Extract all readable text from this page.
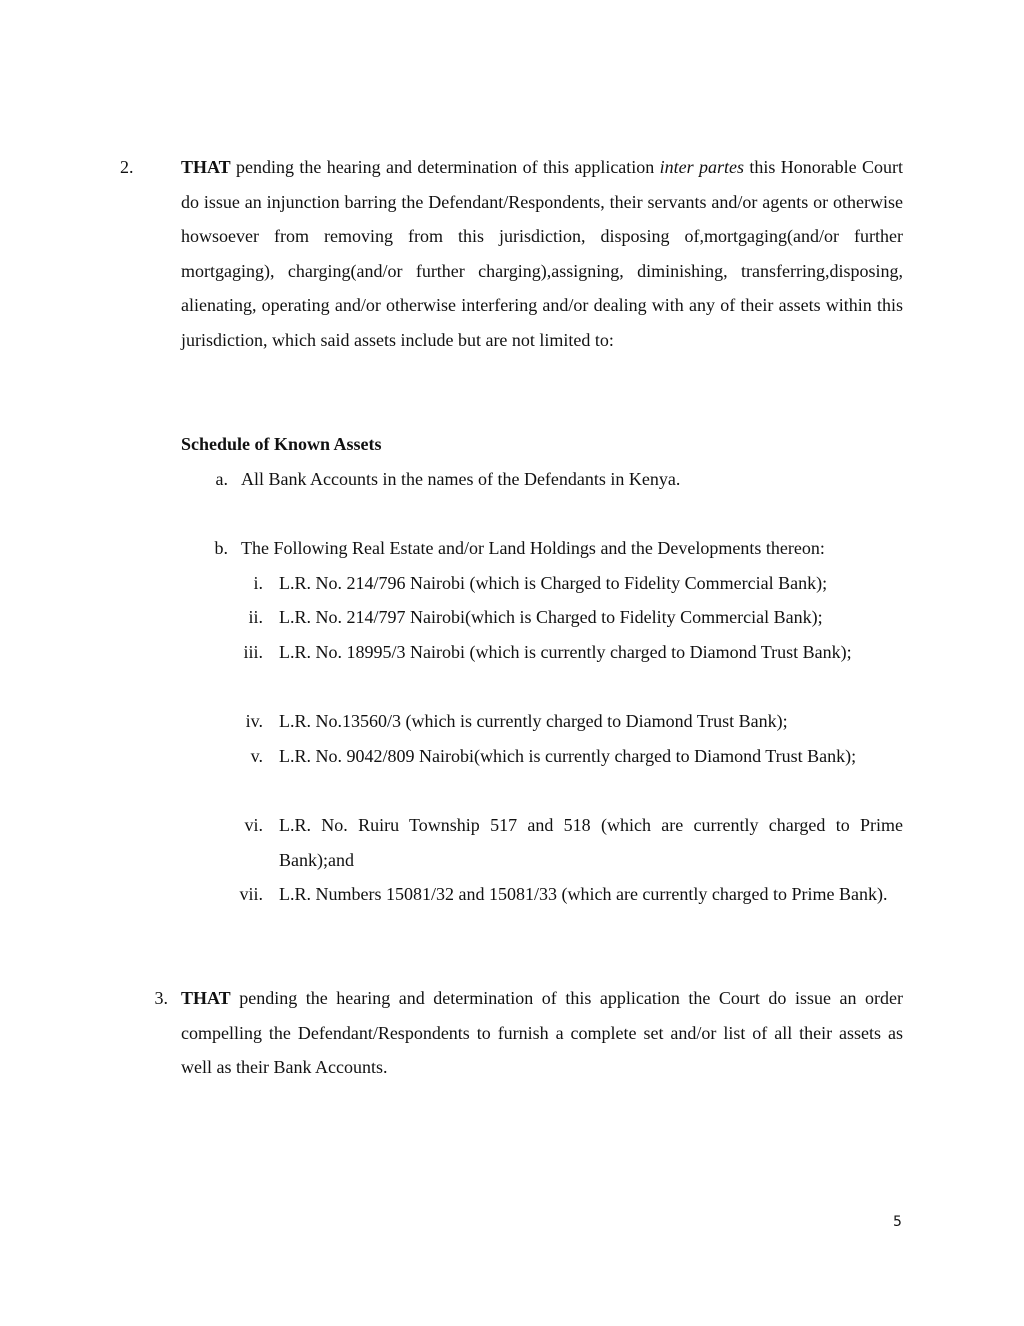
2.	THAT pending the hearing and determination of this application inter partes this Honorable Court do issue an injunction barring the Defendant/Respondents, their servants and/or agents or otherwise howsoever from removing from this jurisdiction, disposing of,mortgaging(and/or further mortgaging), charging(and/or further charging),assigning, diminishing, transferring,disposing, alienating, operating and/or otherwise interfering and/or dealing with any of their assets within this jurisdiction, which said assets include but are not limited to:
Schedule of Known Assets
a. All Bank Accounts in the names of the Defendants in Kenya.
b. The Following Real Estate and/or Land Holdings and the Developments thereon:
i. L.R. No. 214/796 Nairobi (which is Charged to Fidelity Commercial Bank);
ii. L.R. No. 214/797 Nairobi(which is Charged to Fidelity Commercial Bank);
iii. L.R. No. 18995/3 Nairobi (which is currently charged to Diamond Trust Bank);
iv. L.R. No.13560/3 (which is currently charged to Diamond Trust Bank);
v. L.R. No. 9042/809 Nairobi(which is currently charged to Diamond Trust Bank);
vi. L.R. No. Ruiru Township 517 and 518 (which are currently charged to Prime Bank);and
vii. L.R. Numbers 15081/32 and 15081/33 (which are currently charged to Prime Bank).
3. THAT pending the hearing and determination of this application the Court do issue an order compelling the Defendant/Respondents to furnish a complete set and/or list of all their assets as well as their Bank Accounts.
5
